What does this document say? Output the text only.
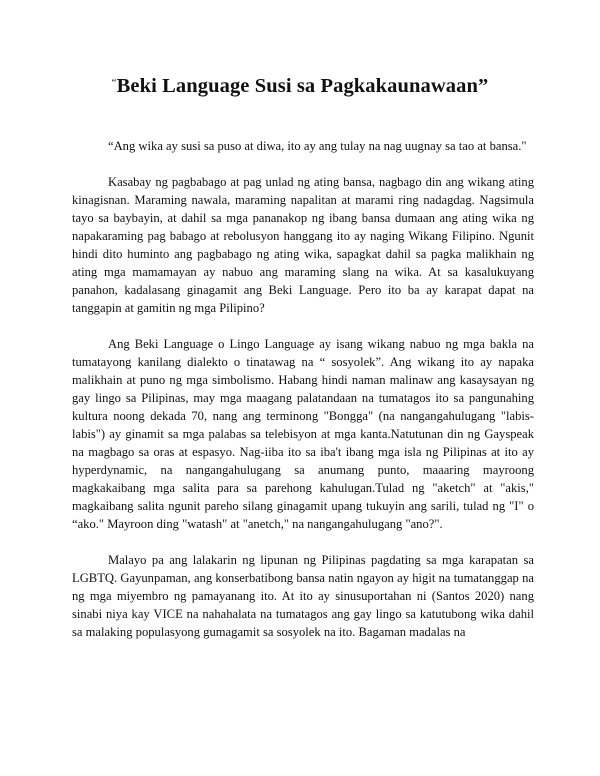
“Beki Language Susi sa Pagkakaunawaan”

“Ang wika ay susi sa puso at diwa, ito ay ang tulay na nag uugnay sa tao at bansa."

Kasabay ng pagbabago at pag unlad ng ating bansa, nagbago din ang wikang ating kinagisnan. Maraming nawala, maraming napalitan at marami ring nadagdag. Nagsimula tayo sa baybayin, at dahil sa mga pananakop ng ibang bansa dumaan ang ating wika ng napakaraming pag babago at rebolusyon hanggang ito ay naging Wikang Filipino. Ngunit hindi dito huminto ang pagbabago ng ating wika, sapagkat dahil sa pagka malikhain ng ating mga mamamayan ay nabuo ang maraming slang na wika. At sa kasalukuyang panahon, kadalasang ginagamit ang Beki Language. Pero ito ba ay karapat dapat na tanggapin at gamitin ng mga Pilipino?

Ang Beki Language o Lingo Language ay isang wikang nabuo ng mga bakla na tumatayong kanilang dialekto o tinatawag na “ sosyolek”. Ang wikang ito ay napaka malikhain at puno ng mga simbolismo. Habang hindi naman malinaw ang kasaysayan ng gay lingo sa Pilipinas, may mga maagang palatandaan na tumatagos ito sa pangunahing kultura noong dekada 70, nang ang terminong "Bongga" (na nangangahulugang "labis-labis") ay ginamit sa mga palabas sa telebisyon at mga kanta.Natutunan din ng Gayspeak na magbago sa oras at espasyo. Nag-iiba ito sa iba't ibang mga isla ng Pilipinas at ito ay hyperdynamic, na nangangahulugang sa anumang punto, maaaring mayroong magkakaibang mga salita para sa parehong kahulugan.Tulad ng "aketch" at "akis," magkaibang salita ngunit pareho silang ginagamit upang tukuyin ang sarili, tulad ng "I" o “ako." Mayroon ding "watash" at "anetch," na nangangahulugang "ano?".

Malayo pa ang lalakarin ng lipunan ng Pilipinas pagdating sa mga karapatan sa LGBTQ. Gayunpaman, ang konserbatibong bansa natin ngayon ay higit na tumatanggap na ng mga miyembro ng pamayanang ito. At ito ay sinusuportahan ni (Santos 2020) nang sinabi niya kay VICE na nahahalata na tumatagos ang gay lingo sa katutubong wika dahil sa malaking populasyong gumagamit sa sosyolek na ito. Bagaman madalas na
